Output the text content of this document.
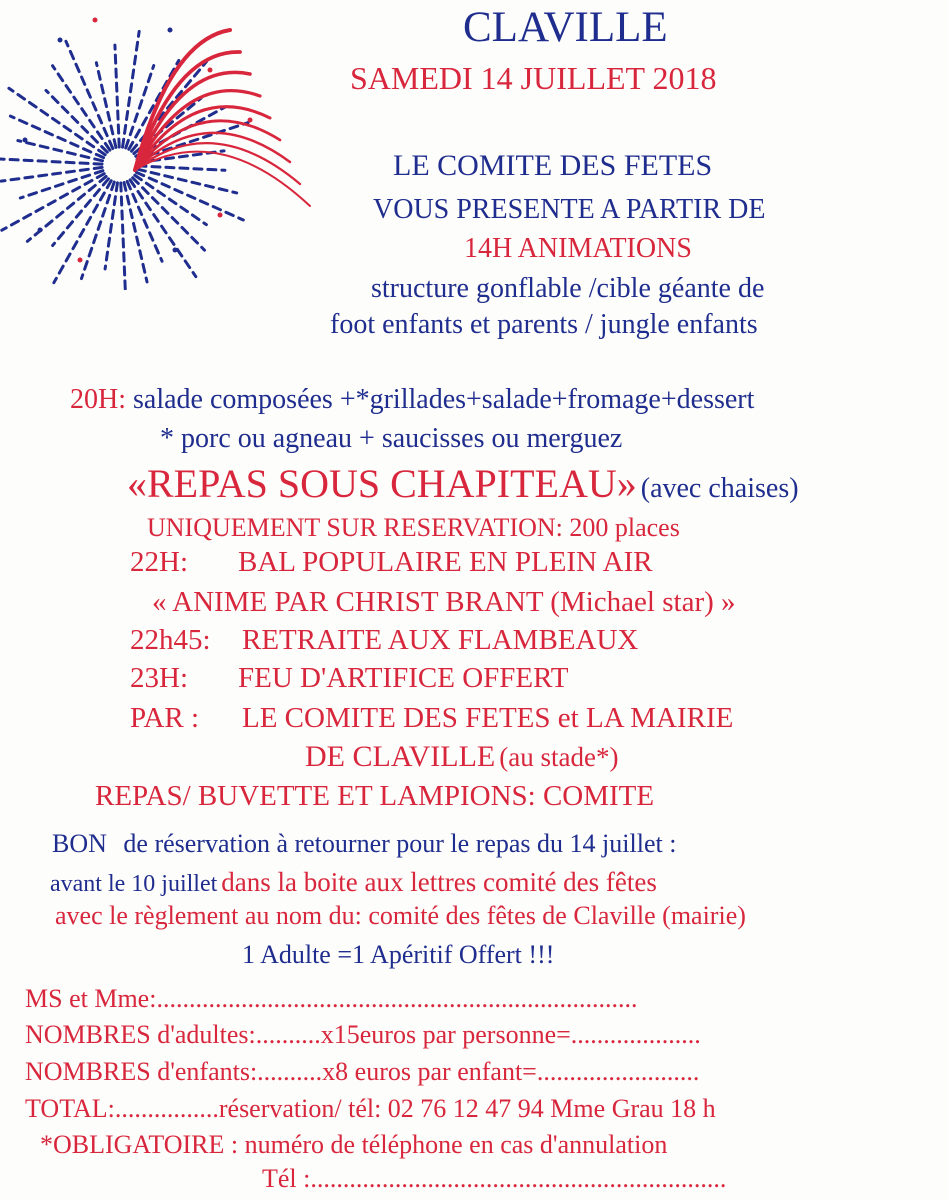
CLAVILLE
SAMEDI 14 JUILLET 2018
LE COMITE DES FETES
VOUS PRESENTE A PARTIR DE
14H ANIMATIONS
structure gonflable /cible géante de
foot enfants et parents / jungle enfants
20H: salade composées +*grillades+salade+fromage+dessert
* porc ou agneau + saucisses ou merguez
«REPAS SOUS CHAPITEAU» (avec chaises)
UNIQUEMENT SUR RESERVATION: 200 places
22H: BAL POPULAIRE EN PLEIN AIR
« ANIME PAR CHRIST BRANT (Michael star) »
22h45: RETRAITE AUX FLAMBEAUX
23H: FEU D'ARTIFICE OFFERT
PAR : LE COMITE DES FETES et LA MAIRIE
DE CLAVILLE (au stade*)
REPAS/ BUVETTE ET LAMPIONS: COMITE
BON de réservation à retourner pour le repas du 14 juillet :
avant le 10 juillet dans la boite aux lettres comité des fêtes
avec le règlement au nom du: comité des fêtes de Claville (mairie)
1 Adulte =1 Apéritif Offert !!!
MS et Mme:..........................................................................
NOMBRES d'adultes:..........x15euros par personne=....................
NOMBRES d'enfants:..........x8 euros par enfant=.........................
TOTAL:................réservation/ tél: 02 76 12 47 94 Mme Grau 18 h
*OBLIGATOIRE : numéro de téléphone en cas d'annulation
Tél :................................................................
